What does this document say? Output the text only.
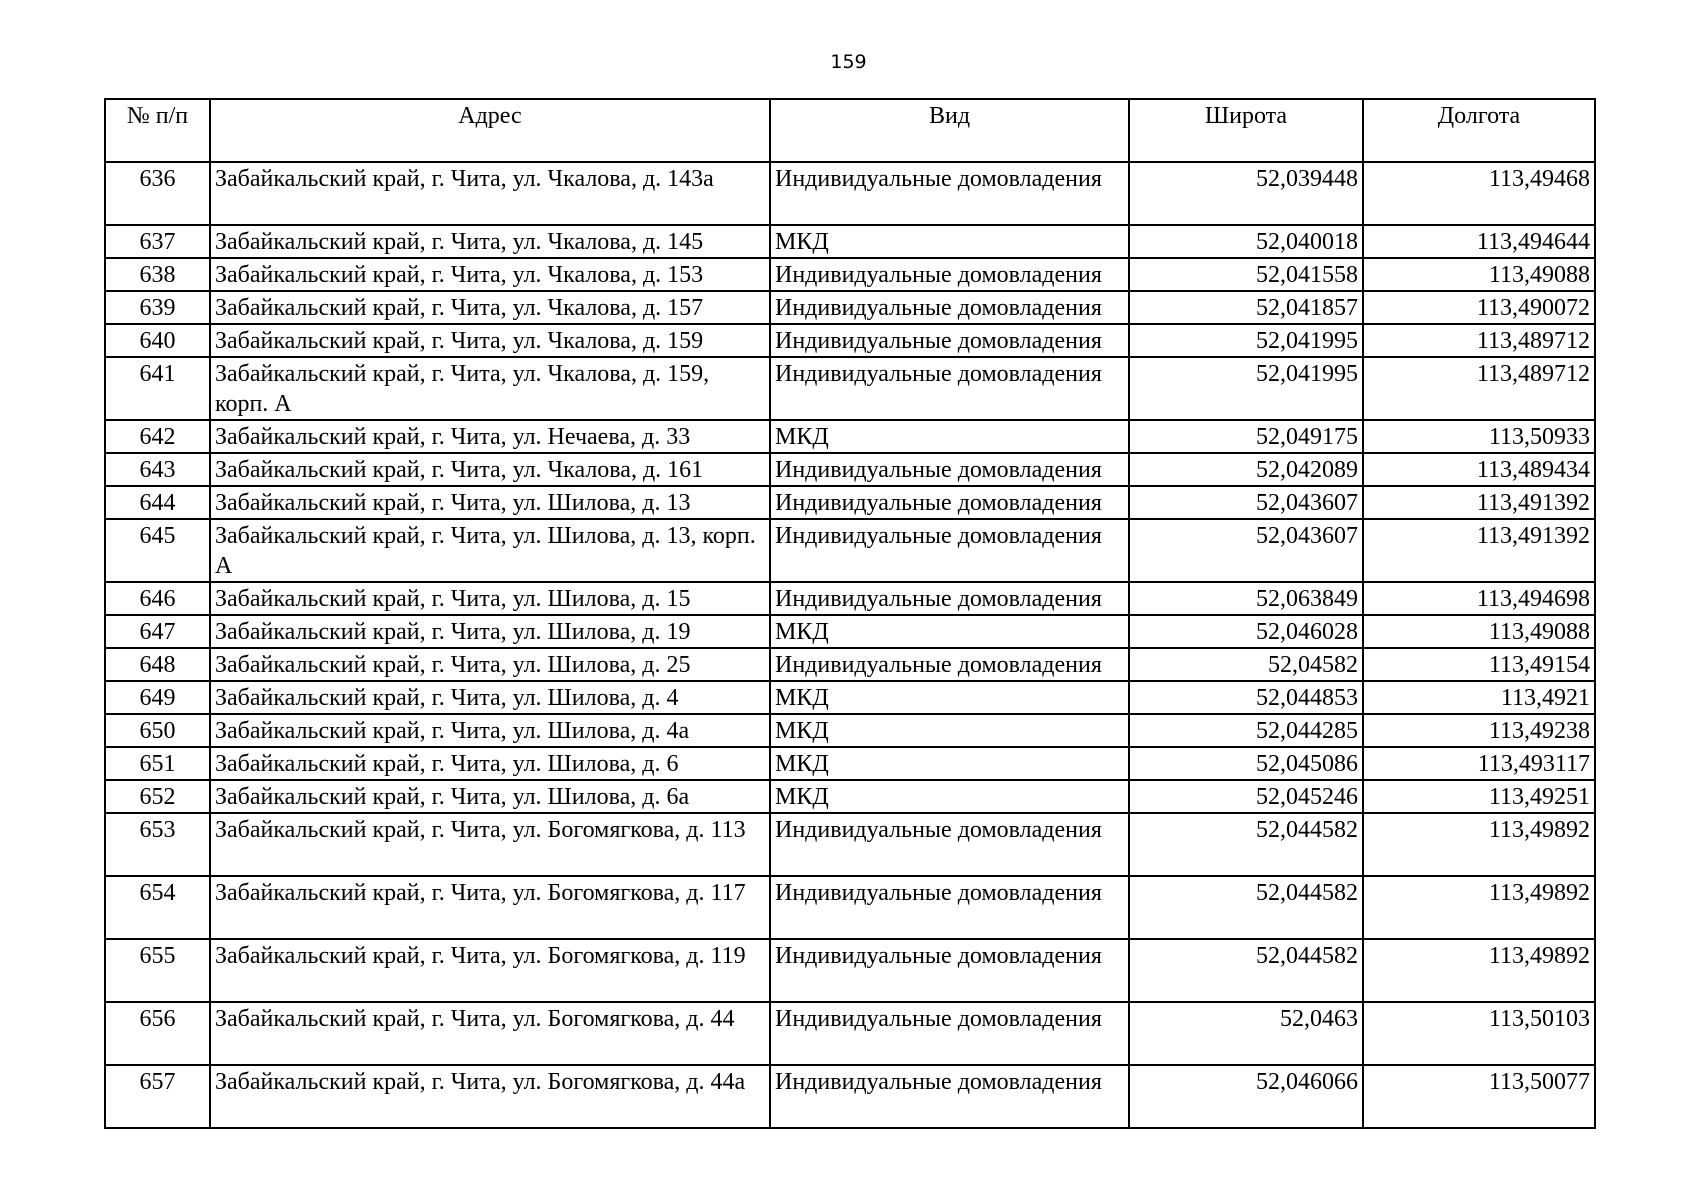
159
№ п/п	Адрес	Вид	Широта	Долгота
636	Забайкальский край, г. Чита, ул. Чкалова, д. 143а	Индивидуальные домовладения	52,039448	113,49468
637	Забайкальский край, г. Чита, ул. Чкалова, д. 145	МКД	52,040018	113,494644
638	Забайкальский край, г. Чита, ул. Чкалова, д. 153	Индивидуальные домовладения	52,041558	113,49088
639	Забайкальский край, г. Чита, ул. Чкалова, д. 157	Индивидуальные домовладения	52,041857	113,490072
640	Забайкальский край, г. Чита, ул. Чкалова, д. 159	Индивидуальные домовладения	52,041995	113,489712
641	Забайкальский край, г. Чита, ул. Чкалова, д. 159, корп. А	Индивидуальные домовладения	52,041995	113,489712
642	Забайкальский край, г. Чита, ул. Нечаева, д. 33	МКД	52,049175	113,50933
643	Забайкальский край, г. Чита, ул. Чкалова, д. 161	Индивидуальные домовладения	52,042089	113,489434
644	Забайкальский край, г. Чита, ул. Шилова, д. 13	Индивидуальные домовладения	52,043607	113,491392
645	Забайкальский край, г. Чита, ул. Шилова, д. 13, корп. А	Индивидуальные домовладения	52,043607	113,491392
646	Забайкальский край, г. Чита, ул. Шилова, д. 15	Индивидуальные домовладения	52,063849	113,494698
647	Забайкальский край, г. Чита, ул. Шилова, д. 19	МКД	52,046028	113,49088
648	Забайкальский край, г. Чита, ул. Шилова, д. 25	Индивидуальные домовладения	52,04582	113,49154
649	Забайкальский край, г. Чита, ул. Шилова, д. 4	МКД	52,044853	113,4921
650	Забайкальский край, г. Чита, ул. Шилова, д. 4а	МКД	52,044285	113,49238
651	Забайкальский край, г. Чита, ул. Шилова, д. 6	МКД	52,045086	113,493117
652	Забайкальский край, г. Чита, ул. Шилова, д. 6а	МКД	52,045246	113,49251
653	Забайкальский край, г. Чита, ул. Богомягкова, д. 113	Индивидуальные домовладения	52,044582	113,49892
654	Забайкальский край, г. Чита, ул. Богомягкова, д. 117	Индивидуальные домовладения	52,044582	113,49892
655	Забайкальский край, г. Чита, ул. Богомягкова, д. 119	Индивидуальные домовладения	52,044582	113,49892
656	Забайкальский край, г. Чита, ул. Богомягкова, д. 44	Индивидуальные домовладения	52,0463	113,50103
657	Забайкальский край, г. Чита, ул. Богомягкова, д. 44а	Индивидуальные домовладения	52,046066	113,50077
